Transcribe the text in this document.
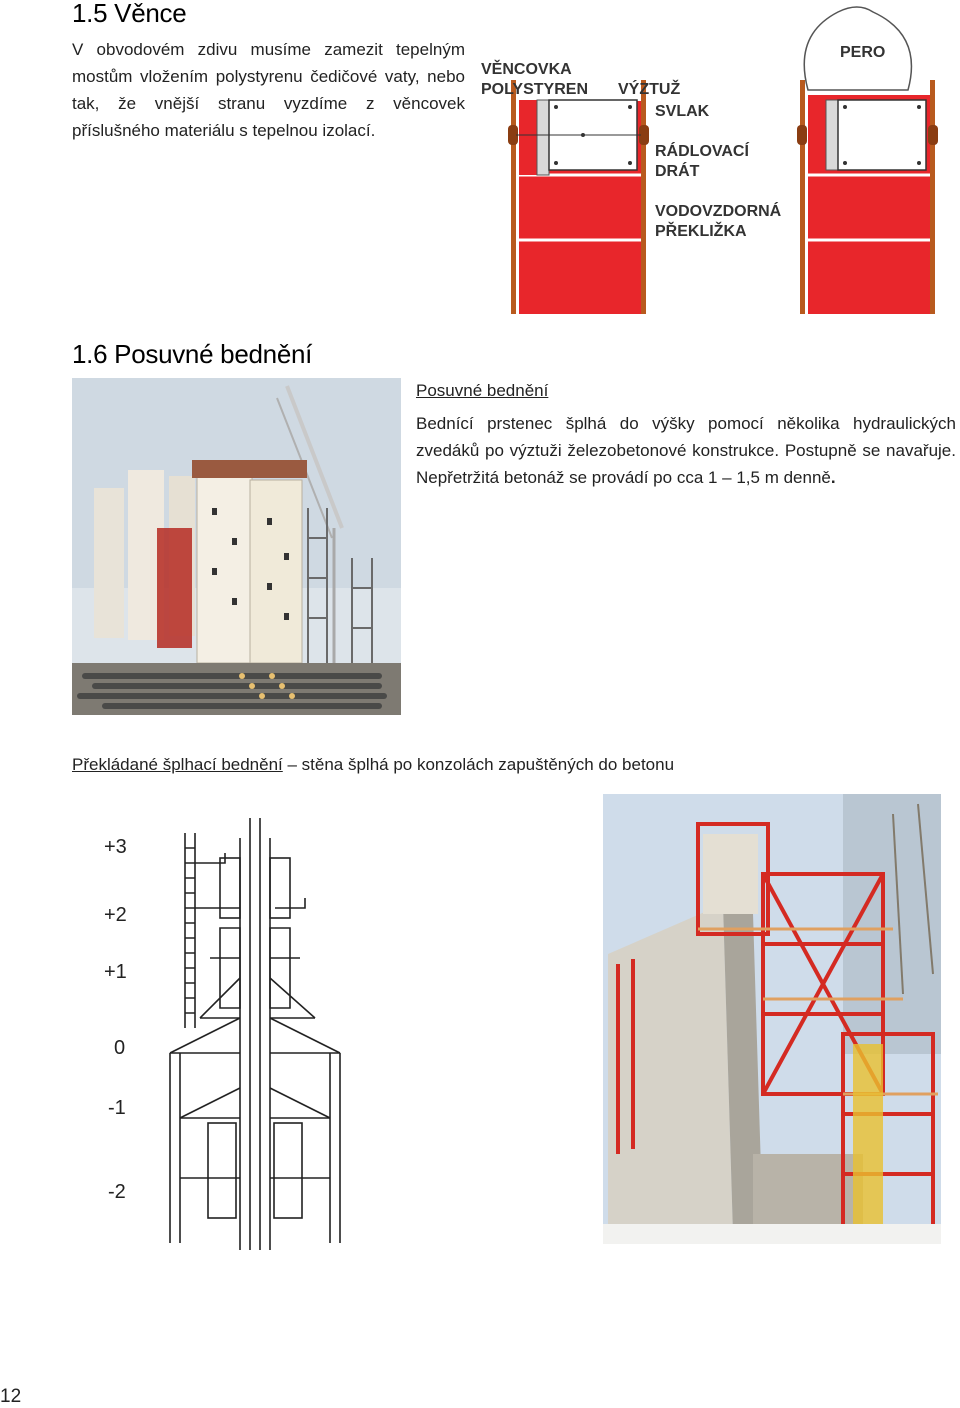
1.5 Věnce

V obvodovém zdivu musíme zamezit tepelným mostům vložením polystyrenu čedičové vaty, nebo tak, že vnější stranu vyzdíme z věncovek příslušného materiálu s tepelnou izolací.

VĚNCOVKA
POLYSTYREN VÝZTUŽ
SVLAK
RÁDLOVACÍ
DRÁT
VODOVZDORNÁ
PŘEKLIŽKA
PERO
1.6 Posuvné bednění
Posuvné bednění

Bednící prstenec šplhá do výšky pomocí několika hydraulických zvedáků po výztuži železobetonové konstrukce. Postupně se navařuje. Nepřetržitá betonáž se provádí po cca 1 – 1,5 m denně.

Překládané šplhací bednění – stěna šplhá po konzolách zapuštěných do betonu
+3
+2
+1
0
-1
-2
12
